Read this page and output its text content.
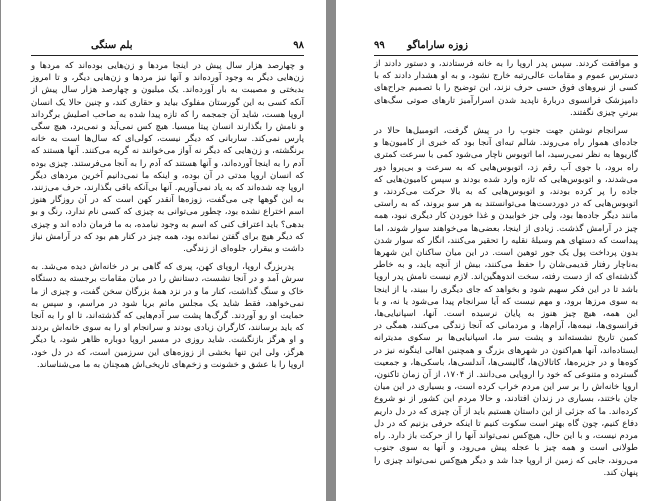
۹۸
بلم سنگی

و چهارصد هزار سال پیش در اینجا مردها و زن‌هایی بوده‌اند که مردها و زن‌هایی دیگر به وجود آورده‌اند و آنها نیز مردها و زن‌هایی دیگر، و تا امروز بدبختی و مصیبت به بار آورده‌اند. یک میلیون و چهارصد هزار سال پیش از آنکه کسی به این گورستان مفلوک بیاید و حقاری کند، و چنین حالا یک انسان اروپا هست، شاید آن جمجمه را که تازه پیدا شده به صاحب اصلیش برگرداند و نامش را بگذارند انسان پیتا میسیا. هیچ کس نمی‌آید و نمی‌برد، هیچ سگی پارس نمی‌کند. ساربانی که دیگر نیست، کولی‌ای که سال‌ها است به خانه برنگشته، و زن‌هایی که دیگر نه آواز می‌خوانند نه گریه می‌کنند. آنها هستند که آدم را به اینجا آورده‌اند، و آنها هستند که آدم را به آنجا می‌فرستند. چیزی بوده که انسان اروپا مدتی در آن بوده، و اینکه ما نمی‌دانیم آخرین مردهای دیگر اروپا چه شده‌اند که به یاد نمی‌آوریم. آنها بی‌آنکه باقی بگذارند، حرف می‌زنند، به این گوهها چی می‌گفت، زوزه‌ها آنقدر کهن است که در آن روزگار هنوز اسم اختراع نشده بود، چطور می‌توانی به چیزی که کسی نام ندارد، رنگ و بو بدهی؟ باید اعتراف کنی که اسم به وجود نیامده، به ما فرمان داده اند و چیزی که دیگر هیچ برای گفتن نمانده بود، همه چیز در کنار هم بود که در آرامش نیاز داشت و بیقرار، جلوه‌ای از زندگی.

پدربزرگ اروپا، اروپای کهن، پیری که گاهی بر در خانه‌اش دیده می‌شد. به سرش آمد و در آنجا نشست، دستانش را در میان مقامات برجسته به دستگاه خاک و سنگ گذاشت، کنار ما و در نزد همهٔ بزرگان سخن گفت، و چیزی از ما نمی‌خواهد، فقط شاید یک مجلس ماتم بریا شود در مراسم، و سپس به حمایت او رو آوردند. گرگ‌ها پشت سر آدم‌هایی که گذشته‌اند، تا او را به آنجا که باید برسانند، کارگران زیادی بودند و سرانجام او را به سوی خانه‌اش بردند و او هرگز بازنگشت. شاید روزی در مسیر اروپا دوباره ظاهر شود، یا دیگر هرگز، ولی این تنها بخشی از زوزه‌های این سرزمین است، که در دل خود، اروپا را با عشق و خشونت و زخم‌های تاریخی‌اش همچنان به ما می‌شناساند.

۹۹ زوزه ساراماگو

و موافقت کردند. سپس پدر اروپا را به خانه فرستادند، و دستور دادند از دسترس عموم و مقامات عالی‌رتبه خارج نشود، و به او هشدار دادند که با کسی از نیروهای فوق حسی حرف نزند، این توضیح را با تصمیم جراح‌های دامپزشک فرانسوی دربارهٔ ناپدید شدن اسرارآمیز تارهای صوتی سگ‌های بیرنیِ چیزی نگفتند.

سرانجام نوشتن جهت جنوب را در پیش گرفت، اتومبیل‌ها حالا در جاده‌ای هموار راه می‌روند. شالم تبه‌ای آنجا بود که خبری از کامیون‌ها و گاریوها به نظر نمی‌رسید، اما اتوبوس ناچار می‌شود کمی با سرعت کمتری راه برود، با جوی آب رقم زد، اتوبوس‌هایی که به سرعت و بی‌پروا دور می‌شدند، و اتوبوس‌هایی که تازه وارد شده بودند و سپس کامیون‌هایی که جاده را پر کرده بودند، و اتوبوس‌هایی که به بالا حرکت می‌کردند، و اتوبوس‌هایی که در دور‌دست‌ها می‌توانستند به هر سو بروند، که به راستی مانند دیگر جاده‌ها بود، ولی جز خوابیدن و غذا خوردن کار دیگری نبود، همه چیز در آرامش گذشت. زیادی از اینجا، بعضی‌ها می‌خواهند سوار شوند، اما پیداست که دستهای هم وسیلهٔ نقلیه را تحقیر می‌کنند، انگار که سوار شدن بدون پرداخت پول یک جور توهین است. در این میان ساکنان این شهرها به‌ناچار رفتار قدیمی‌شان را حفظ می‌کنند، بیش از آنچه باید، و به خاطر گذشته‌ای که از دست رفته، سخت اندوهگین‌اند. لازم نیست نامش پدر اروپا باشد تا در این فکر سهیم شود و بخواهد که جای دیگری را ببیند، یا از اینجا به سوی مرزها برود، و مهم نیست که آیا سرانجام پیدا می‌شود یا نه، و با این همه، هیچ چیز هنوز به پایان نرسیده است. آنها، اسپانیایی‌ها، فرانسوی‌ها، نیمه‌ها، آرام‌ها، و مردمانی که آنجا زندگی می‌کنند، همگی در کمین تاریخ نشسته‌اند و پشت سر ما، اسپانیایی‌ها بر سکوی مدیترانه ایستاده‌اند، آنها هم‌اکنون در شهرهای بزرگ و همچنین اهالی اینگونه نیز در کوه‌ها و در جزیره‌ها، کاتالان‌ها، گالیسی‌ها، آندلسی‌ها، باسکی‌ها، و جمعیت گسترده و متنوعی که خود را اروپایی می‌دانند. از ۱۷۰۴، از آن زمان تاکنون، اروپا خانه‌اش را بر سر این مردم خراب کرده است، و بسیاری در این میان جان باختند، بسیاری در زندان افتادند، و حالا مردم این کشور از نو شروع کرده‌اند. ما که جزئی از این داستان هستیم باید از آن چیزی که در دل داریم دفاع کنیم، چون گاه بهتر است سکوت کنیم تا اینکه حرفی بزنیم که در دل مردم نیست، و با این حال، هیچ‌کس نمی‌تواند آنها را از حرکت باز دارد. راه طولانی است و همه چیز با عجله پیش می‌رود، و آنها به سوی جنوب می‌روند، جایی که زمین از اروپا جدا شد و دیگر هیچ‌کس نمی‌تواند چیزی را پنهان کند.
